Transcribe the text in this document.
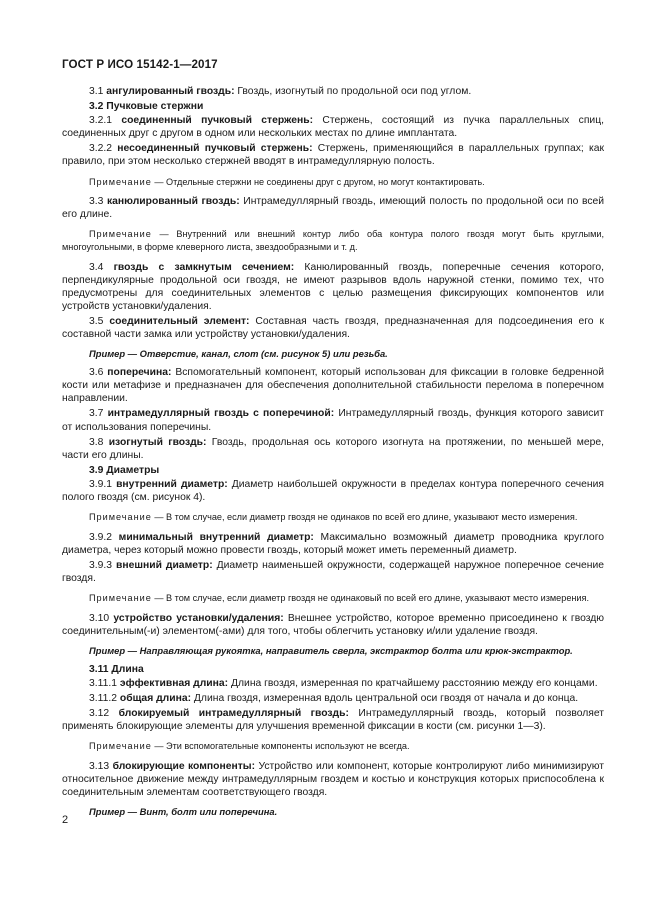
ГОСТ Р ИСО 15142-1—2017

3.1 ангулированный гвоздь: Гвоздь, изогнутый по продольной оси под углом.

3.2 Пучковые стержни

3.2.1 соединенный пучковый стержень: Стержень, состоящий из пучка параллельных спиц, соединенных друг с другом в одном или нескольких местах по длине имплантата.

3.2.2 несоединенный пучковый стержень: Стержень, применяющийся в параллельных группах; как правило, при этом несколько стержней вводят в интрамедуллярную полость.

Примечание — Отдельные стержни не соединены друг с другом, но могут контактировать.

3.3 канюлированный гвоздь: Интрамедуллярный гвоздь, имеющий полость по продольной оси по всей его длине.

Примечание — Внутренний или внешний контур либо оба контура полого гвоздя могут быть круглыми, многоугольными, в форме клеверного листа, звездообразными и т. д.

3.4 гвоздь с замкнутым сечением: Канюлированный гвоздь, поперечные сечения которого, перпендикулярные продольной оси гвоздя, не имеют разрывов вдоль наружной стенки, помимо тех, что предусмотрены для соединительных элементов с целью размещения фиксирующих компонентов или устройств установки/удаления.

3.5 соединительный элемент: Составная часть гвоздя, предназначенная для подсоединения его к составной части замка или устройству установки/удаления.

Пример — Отверстие, канал, слот (см. рисунок 5) или резьба.

3.6 поперечина: Вспомогательный компонент, который использован для фиксации в головке бедренной кости или метафизе и предназначен для обеспечения дополнительной стабильности перелома в поперечном направлении.

3.7 интрамедуллярный гвоздь с поперечиной: Интрамедуллярный гвоздь, функция которого зависит от использования поперечины.

3.8 изогнутый гвоздь: Гвоздь, продольная ось которого изогнута на протяжении, по меньшей мере, части его длины.

3.9 Диаметры

3.9.1 внутренний диаметр: Диаметр наибольшей окружности в пределах контура поперечного сечения полого гвоздя (см. рисунок 4).

Примечание — В том случае, если диаметр гвоздя не одинаков по всей его длине, указывают место измерения.

3.9.2 минимальный внутренний диаметр: Максимально возможный диаметр проводника круглого диаметра, через который можно провести гвоздь, который может иметь переменный диаметр.

3.9.3 внешний диаметр: Диаметр наименьшей окружности, содержащей наружное поперечное сечение гвоздя.

Примечание — В том случае, если диаметр гвоздя не одинаковый по всей его длине, указывают место измерения.

3.10 устройство установки/удаления: Внешнее устройство, которое временно присоединено к гвоздю соединительным(-и) элементом(-ами) для того, чтобы облегчить установку и/или удаление гвоздя.

Пример — Направляющая рукоятка, направитель сверла, экстрактор болта или крюк-экстрактор.

3.11 Длина

3.11.1 эффективная длина: Длина гвоздя, измеренная по кратчайшему расстоянию между его концами.

3.11.2 общая длина: Длина гвоздя, измеренная вдоль центральной оси гвоздя от начала и до конца.

3.12 блокируемый интрамедуллярный гвоздь: Интрамедуллярный гвоздь, который позволяет применять блокирующие элементы для улучшения временной фиксации в кости (см. рисунки 1—3).

Примечание — Эти вспомогательные компоненты используют не всегда.

3.13 блокирующие компоненты: Устройство или компонент, которые контролируют либо минимизируют относительное движение между интрамедуллярным гвоздем и костью и конструкция которых приспособлена к соединительным элементам соответствующего гвоздя.

Пример — Винт, болт или поперечина.

2
